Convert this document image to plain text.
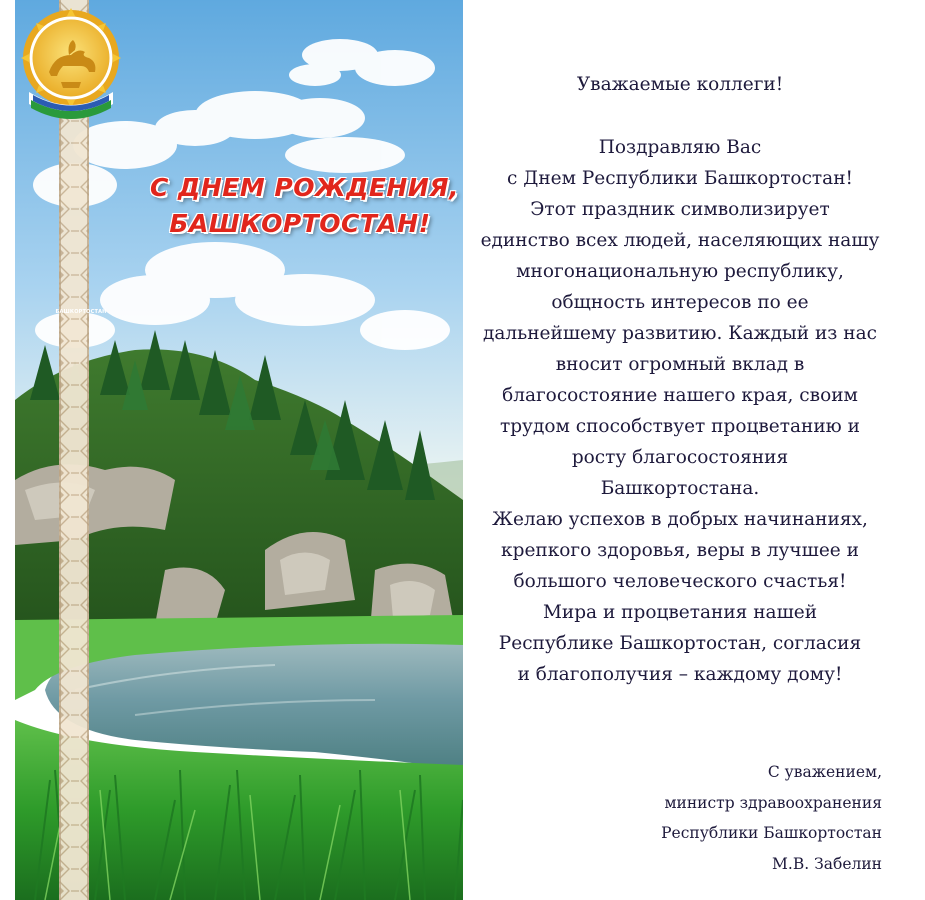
БАШКОРТОСТАН
С ДНЕМ РОЖДЕНИЯ,
БАШКОРТОСТАН!
Уважаемые коллеги!

Поздравляю Вас

с Днем Республики Башкортостан!

Этот праздник символизирует

единство всех людей, населяющих нашу

многонациональную республику,

общность интересов по ее

дальнейшему развитию. Каждый из нас

вносит огромный вклад в

благосостояние нашего края, своим

трудом способствует процветанию и

росту благосостояния

Башкортостана.

Желаю успехов в добрых начинаниях,

крепкого здоровья, веры в лучшее и

большого человеческого счастья!

Мира и процветания нашей

Республике Башкортостан, согласия

и благополучия – каждому дому!

С уважением,
министр здравоохранения
Республики Башкортостан
М.В. Забелин
